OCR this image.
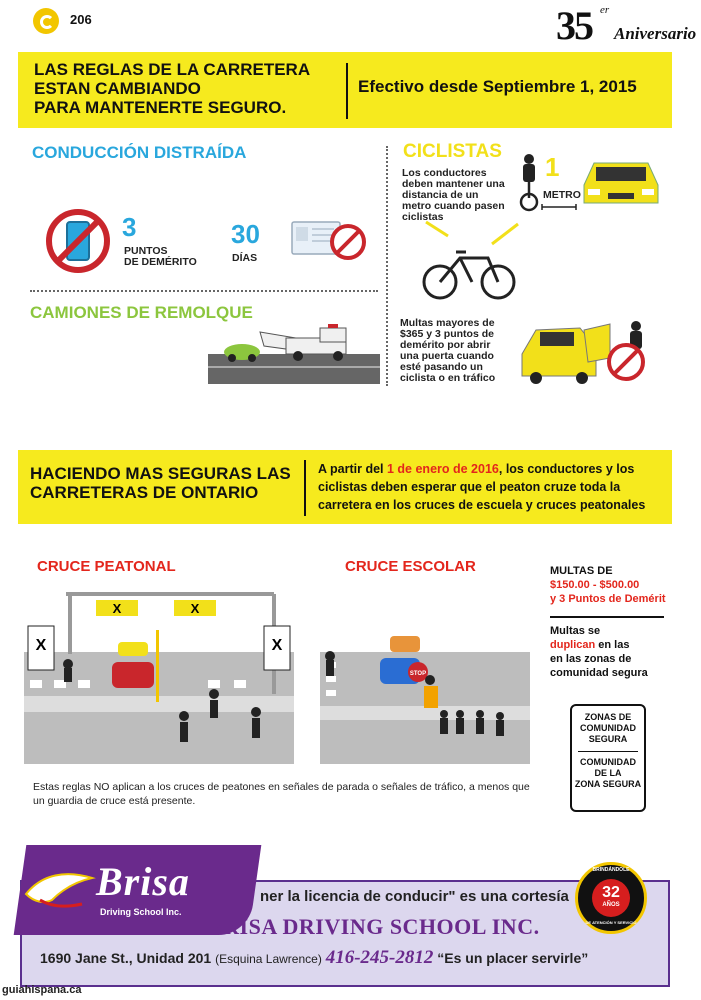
206	35 er
Aniversario
LAS REGLAS DE LA CARRETERA
ESTAN CAMBIANDO
PARA MANTENERTE SEGURO.
Efectivo desde Septiembre 1, 2015
CONDUCCIÓN DISTRAÍDA
3
PUNTOS
DE DEMÉRITO
30
DÍAS
CAMIONES DE REMOLQUE
CICLISTAS
Los conductores
deben mantener una
distancia de un
metro cuando pasen
ciclistas
1
METRO
Multas mayores de
$365 y 3 puntos de
demérito por abrir
una puerta cuando
esté pasando un
ciclista o en tráfico
HACIENDO MAS SEGURAS LAS
CARRETERAS DE ONTARIO
A partir del 1 de enero de 2016, los conductores y los ciclistas deben esperar que el peaton cruze toda la carretera en los cruces de escuela y cruces peatonales
CRUCE PEATONAL	CRUCE ESCOLAR
X	X
X	X
STOP
MULTAS DE
$150.00 - $500.00
y 3 Puntos de Demérit
Multas se
duplican en las
en las zonas de
comunidad segura
ZONAS DE
COMUNIDAD
SEGURA
COMUNIDAD
DE LA
ZONA SEGURA
Estas reglas NO aplican a los cruces de peatones en señales de parada o señales de tráfico, a menos que un guardia de cruce está presente.
Brisa
Driving School Inc.
ner la licencia de conducir" es una cortesía
BRISA DRIVING SCHOOL INC.
1690 Jane St., Unidad 201 (Esquina Lawrence) 416-245-2812 “Es un placer servirle”
BRINDÁNDOLE
32
AÑOS
DE ATENCIÓN Y SERVICIO
guiahispana.ca
